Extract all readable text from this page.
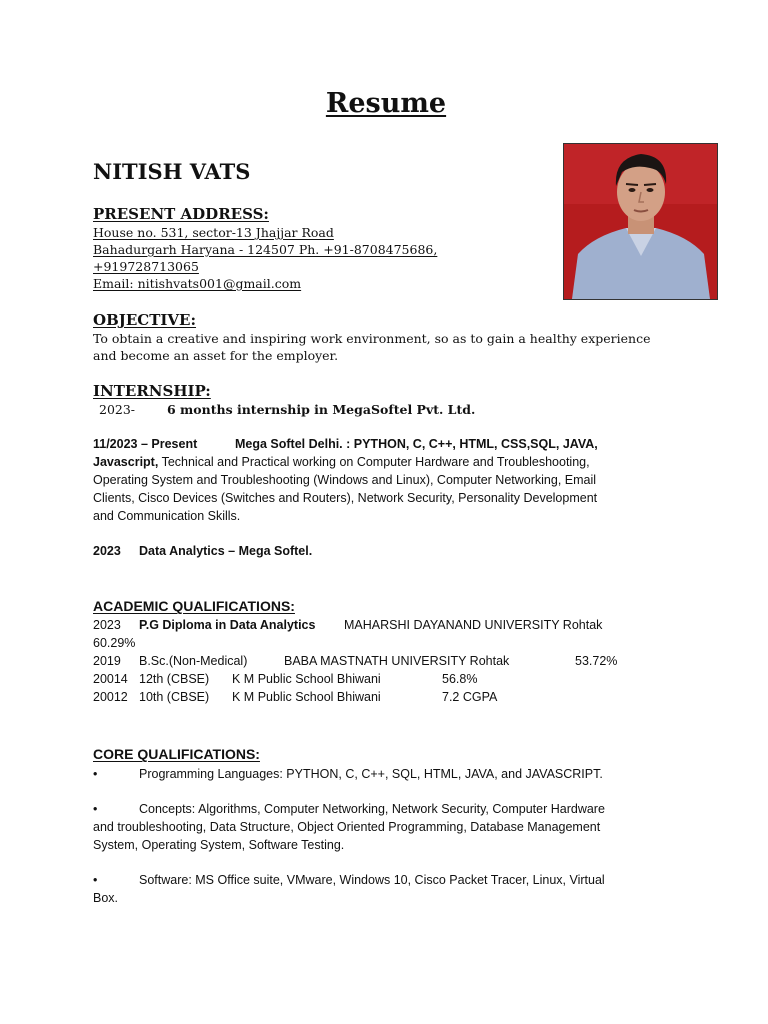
Resume
NITISH VATS
PRESENT ADDRESS:
House no. 531, sector-13 Jhajjar Road
Bahadurgarh Haryana - 124507 Ph. +91-8708475686,
+919728713065
Email: nitishvats001@gmail.com
OBJECTIVE:
To obtain a creative and inspiring work environment, so as to gain a healthy experience
and become an asset for the employer.
INTERNSHIP:
2023-	6 months internship in MegaSoftel Pvt. Ltd.
11/2023 – Present	Mega Softel Delhi. : PYTHON, C, C++, HTML, CSS,SQL, JAVA,
Javascript, Technical and Practical working on Computer Hardware and Troubleshooting,
Operating System and Troubleshooting (Windows and Linux), Computer Networking, Email
Clients, Cisco Devices (Switches and Routers), Network Security, Personality Development
and Communication Skills.
2023 Data Analytics – Mega Softel.
ACADEMIC QUALIFICATIONS:
2023 P.G Diploma in Data Analytics MAHARSHI DAYANAND UNIVERSITY Rohtak
60.29%
2019 B.Sc.(Non-Medical)	BABA MASTNATH UNIVERSITY Rohtak	53.72%
20014 12th (CBSE) K M Public School Bhiwani	56.8%
20012 10th (CBSE) K M Public School Bhiwani	7.2 CGPA
CORE QUALIFICATIONS:
•	Programming Languages: PYTHON, C, C++, SQL, HTML, JAVA, and JAVASCRIPT.
•	Concepts: Algorithms, Computer Networking, Network Security, Computer Hardware
and troubleshooting, Data Structure, Object Oriented Programming, Database Management
System, Operating System, Software Testing.
•	Software: MS Office suite, VMware, Windows 10, Cisco Packet Tracer, Linux, Virtual
Box.
